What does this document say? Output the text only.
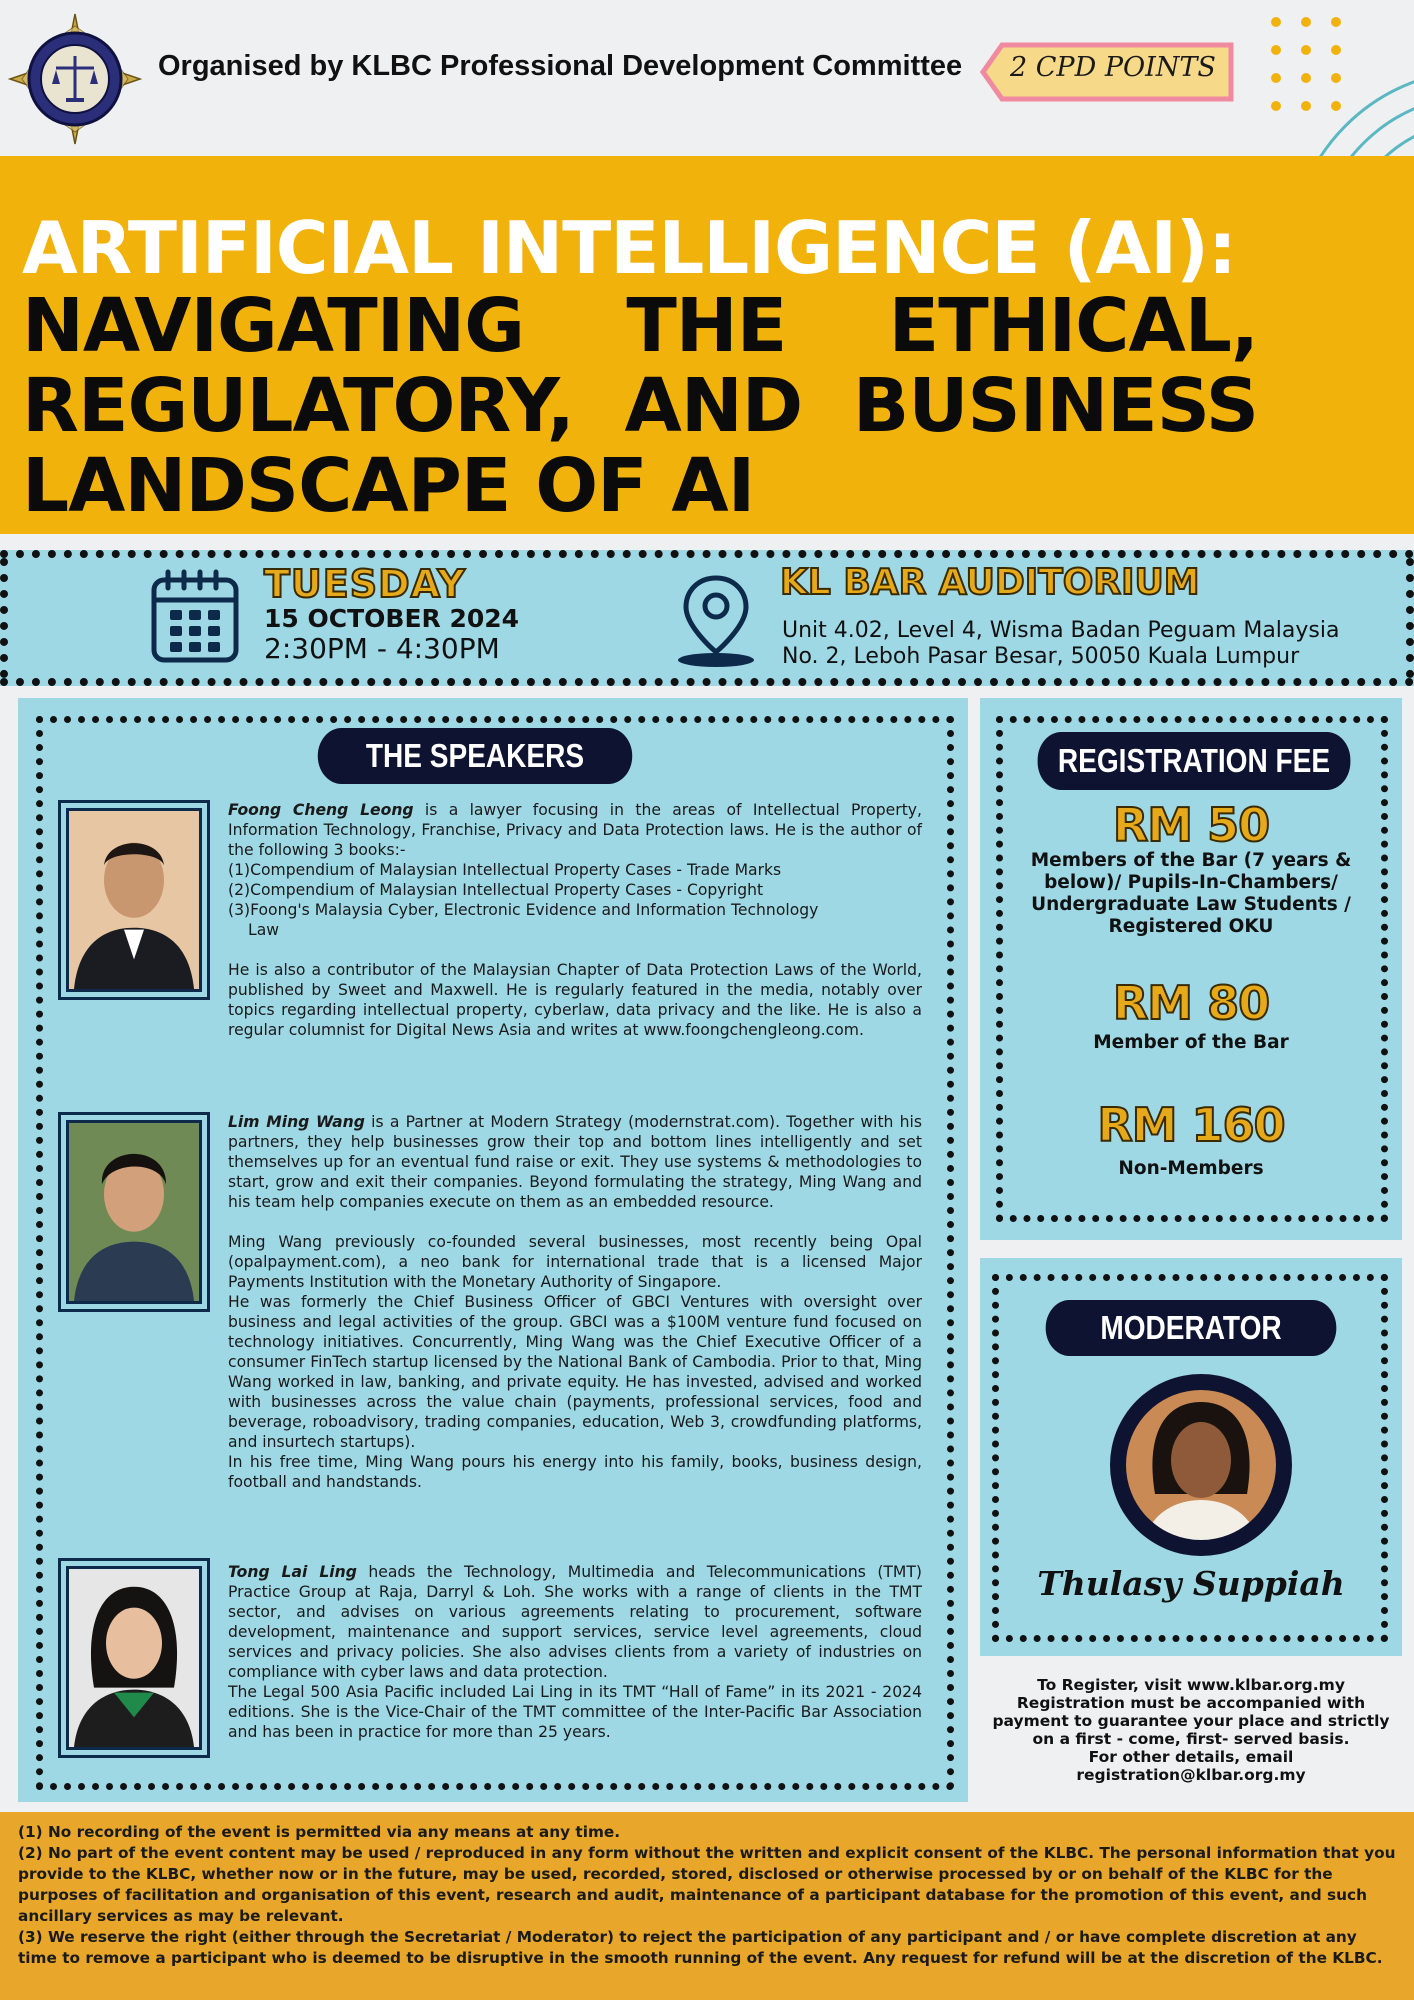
Organised by KLBC Professional Development Committee 2 CPD POINTS
ARTIFICIAL INTELLIGENCE (AI):
NAVIGATING THE ETHICAL,
REGULATORY, AND BUSINESS
LANDSCAPE OF AI
TUESDAY
15 OCTOBER 2024
2:30PM - 4:30PM
KL BAR AUDITORIUM
Unit 4.02, Level 4, Wisma Badan Peguam Malaysia
No. 2, Leboh Pasar Besar, 50050 Kuala Lumpur
THE SPEAKERS
Foong Cheng Leong is a lawyer focusing in the areas of Intellectual Property, Information Technology, Franchise, Privacy and Data Protection laws. He is the author of the following 3 books:-
(1)Compendium of Malaysian Intellectual Property Cases - Trade Marks
(2)Compendium of Malaysian Intellectual Property Cases - Copyright
(3)Foong's Malaysia Cyber, Electronic Evidence and Information Technology
Law
He is also a contributor of the Malaysian Chapter of Data Protection Laws of the World, published by Sweet and Maxwell. He is regularly featured in the media, notably over topics regarding intellectual property, cyberlaw, data privacy and the like. He is also a regular columnist for Digital News Asia and writes at www.foongchengleong.com.
Lim Ming Wang is a Partner at Modern Strategy (modernstrat.com). Together with his partners, they help businesses grow their top and bottom lines intelligently and set themselves up for an eventual fund raise or exit. They use systems & methodologies to start, grow and exit their companies. Beyond formulating the strategy, Ming Wang and his team help companies execute on them as an embedded resource.
Ming Wang previously co-founded several businesses, most recently being Opal (opalpayment.com), a neo bank for international trade that is a licensed Major Payments Institution with the Monetary Authority of Singapore.
He was formerly the Chief Business Officer of GBCI Ventures with oversight over business and legal activities of the group. GBCI was a $100M venture fund focused on technology initiatives. Concurrently, Ming Wang was the Chief Executive Officer of a consumer FinTech startup licensed by the National Bank of Cambodia. Prior to that, Ming Wang worked in law, banking, and private equity. He has invested, advised and worked with businesses across the value chain (payments, professional services, food and beverage, roboadvisory, trading companies, education, Web 3, crowdfunding platforms, and insurtech startups).
In his free time, Ming Wang pours his energy into his family, books, business design, football and handstands.
Tong Lai Ling heads the Technology, Multimedia and Telecommunications (TMT) Practice Group at Raja, Darryl & Loh. She works with a range of clients in the TMT sector, and advises on various agreements relating to procurement, software development, maintenance and support services, service level agreements, cloud services and privacy policies. She also advises clients from a variety of industries on compliance with cyber laws and data protection.
The Legal 500 Asia Pacific included Lai Ling in its TMT “Hall of Fame” in its 2021 - 2024 editions. She is the Vice-Chair of the TMT committee of the Inter-Pacific Bar Association and has been in practice for more than 25 years.
REGISTRATION FEE
RM 50
Members of the Bar (7 years & below)/ Pupils-In-Chambers/ Undergraduate Law Students / Registered OKU
RM 80
Member of the Bar
RM 160
Non-Members
MODERATOR
Thulasy Suppiah
To Register, visit www.klbar.org.my
Registration must be accompanied with payment to guarantee your place and strictly on a first - come, first- served basis.
For other details, email
registration@klbar.org.my
(1) No recording of the event is permitted via any means at any time.
(2) No part of the event content may be used / reproduced in any form without the written and explicit consent of the KLBC. The personal information that you provide to the KLBC, whether now or in the future, may be used, recorded, stored, disclosed or otherwise processed by or on behalf of the KLBC for the purposes of facilitation and organisation of this event, research and audit, maintenance of a participant database for the promotion of this event, and such ancillary services as may be relevant.
(3) We reserve the right (either through the Secretariat / Moderator) to reject the participation of any participant and / or have complete discretion at any time to remove a participant who is deemed to be disruptive in the smooth running of the event. Any request for refund will be at the discretion of the KLBC.
